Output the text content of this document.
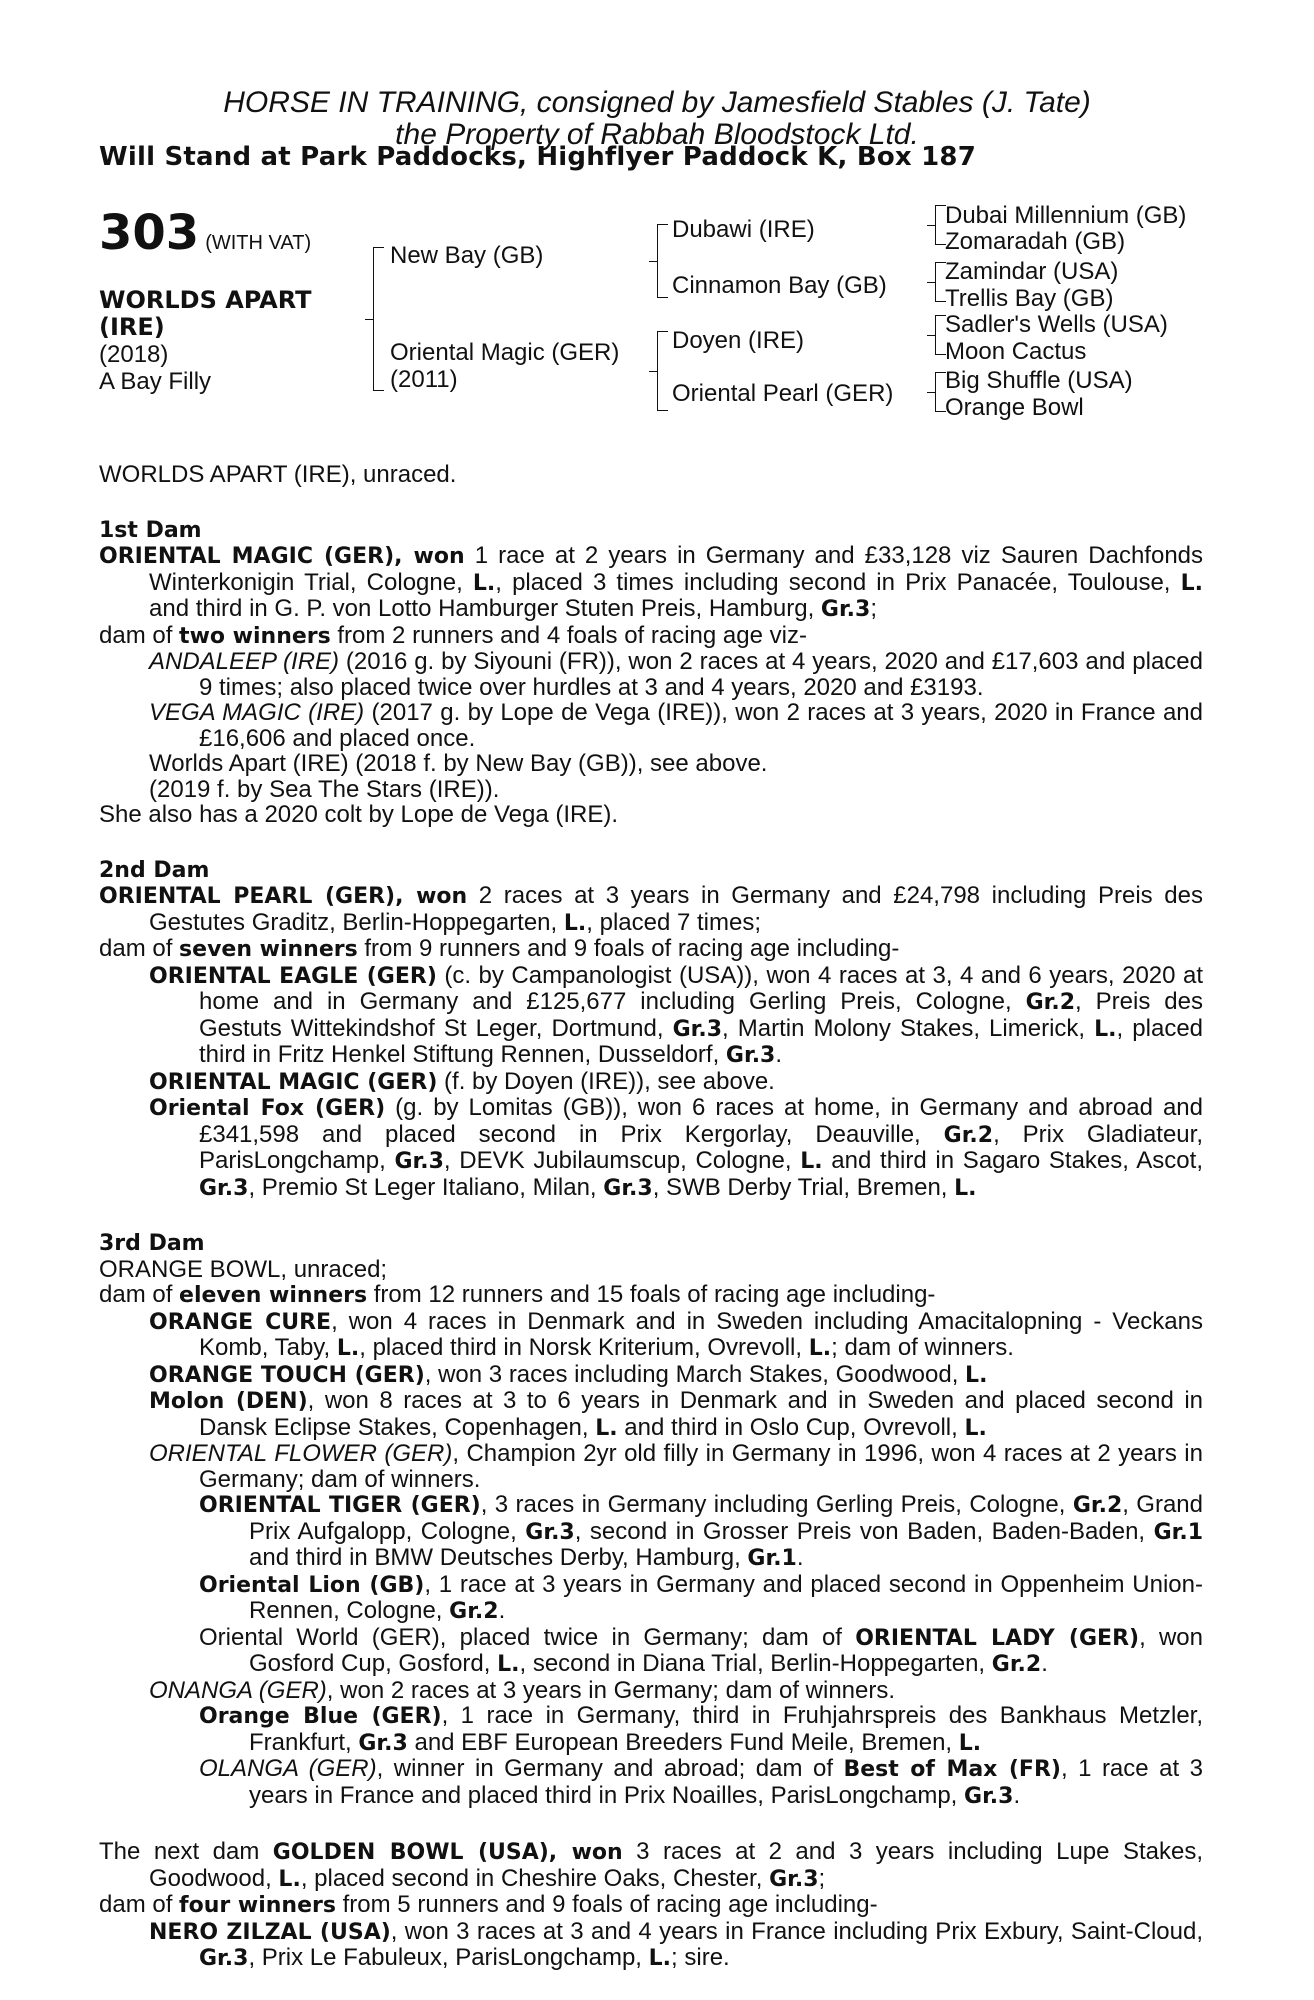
HORSE IN TRAINING, consigned by Jamesfield Stables (J. Tate)
the Property of Rabbah Bloodstock Ltd.
Will Stand at Park Paddocks, Highflyer Paddock K, Box 187
303 (WITH VAT)
WORLDS APART
(IRE)
(2018)
A Bay Filly
New Bay (GB)
Oriental Magic (GER)
(2011)
Dubawi (IRE)
Cinnamon Bay (GB)
Doyen (IRE)
Oriental Pearl (GER)
Dubai Millennium (GB)
Zomaradah (GB)
Zamindar (USA)
Trellis Bay (GB)
Sadler's Wells (USA)
Moon Cactus
Big Shuffle (USA)
Orange Bowl

WORLDS APART (IRE), unraced.

1st Dam

ORIENTAL MAGIC (GER), won 1 race at 2 years in Germany and £33,128 viz Sauren Dachfonds Winterkonigin Trial, Cologne, L., placed 3 times including second in Prix Panacée, Toulouse, L. and third in G. P. von Lotto Hamburger Stuten Preis, Hamburg, Gr.3;

dam of two winners from 2 runners and 4 foals of racing age viz-

ANDALEEP (IRE) (2016 g. by Siyouni (FR)), won 2 races at 4 years, 2020 and £17,603 and placed 9 times; also placed twice over hurdles at 3 and 4 years, 2020 and £3193.

VEGA MAGIC (IRE) (2017 g. by Lope de Vega (IRE)), won 2 races at 3 years, 2020 in France and £16,606 and placed once.

Worlds Apart (IRE) (2018 f. by New Bay (GB)), see above.

(2019 f. by Sea The Stars (IRE)).

She also has a 2020 colt by Lope de Vega (IRE).

2nd Dam

ORIENTAL PEARL (GER), won 2 races at 3 years in Germany and £24,798 including Preis des Gestutes Graditz, Berlin-Hoppegarten, L., placed 7 times;

dam of seven winners from 9 runners and 9 foals of racing age including-

ORIENTAL EAGLE (GER) (c. by Campanologist (USA)), won 4 races at 3, 4 and 6 years, 2020 at home and in Germany and £125,677 including Gerling Preis, Cologne, Gr.2, Preis des Gestuts Wittekindshof St Leger, Dortmund, Gr.3, Martin Molony Stakes, Limerick, L., placed third in Fritz Henkel Stiftung Rennen, Dusseldorf, Gr.3.

ORIENTAL MAGIC (GER) (f. by Doyen (IRE)), see above.

Oriental Fox (GER) (g. by Lomitas (GB)), won 6 races at home, in Germany and abroad and £341,598 and placed second in Prix Kergorlay, Deauville, Gr.2, Prix Gladiateur, ParisLongchamp, Gr.3, DEVK Jubilaumscup, Cologne, L. and third in Sagaro Stakes, Ascot, Gr.3, Premio St Leger Italiano, Milan, Gr.3, SWB Derby Trial, Bremen, L.

3rd Dam

ORANGE BOWL, unraced;

dam of eleven winners from 12 runners and 15 foals of racing age including-

ORANGE CURE, won 4 races in Denmark and in Sweden including Amacitalopning - Veckans Komb, Taby, L., placed third in Norsk Kriterium, Ovrevoll, L.; dam of winners.

ORANGE TOUCH (GER), won 3 races including March Stakes, Goodwood, L.

Molon (DEN), won 8 races at 3 to 6 years in Denmark and in Sweden and placed second in Dansk Eclipse Stakes, Copenhagen, L. and third in Oslo Cup, Ovrevoll, L.

ORIENTAL FLOWER (GER), Champion 2yr old filly in Germany in 1996, won 4 races at 2 years in Germany; dam of winners.

ORIENTAL TIGER (GER), 3 races in Germany including Gerling Preis, Cologne, Gr.2, Grand Prix Aufgalopp, Cologne, Gr.3, second in Grosser Preis von Baden, Baden-Baden, Gr.1 and third in BMW Deutsches Derby, Hamburg, Gr.1.

Oriental Lion (GB), 1 race at 3 years in Germany and placed second in Oppenheim Union-Rennen, Cologne, Gr.2.

Oriental World (GER), placed twice in Germany; dam of ORIENTAL LADY (GER), won Gosford Cup, Gosford, L., second in Diana Trial, Berlin-Hoppegarten, Gr.2.

ONANGA (GER), won 2 races at 3 years in Germany; dam of winners.

Orange Blue (GER), 1 race in Germany, third in Fruhjahrspreis des Bankhaus Metzler, Frankfurt, Gr.3 and EBF European Breeders Fund Meile, Bremen, L.

OLANGA (GER), winner in Germany and abroad; dam of Best of Max (FR), 1 race at 3 years in France and placed third in Prix Noailles, ParisLongchamp, Gr.3.

The next dam GOLDEN BOWL (USA), won 3 races at 2 and 3 years including Lupe Stakes, Goodwood, L., placed second in Cheshire Oaks, Chester, Gr.3;

dam of four winners from 5 runners and 9 foals of racing age including-

NERO ZILZAL (USA), won 3 races at 3 and 4 years in France including Prix Exbury, Saint-Cloud, Gr.3, Prix Le Fabuleux, ParisLongchamp, L.; sire.
